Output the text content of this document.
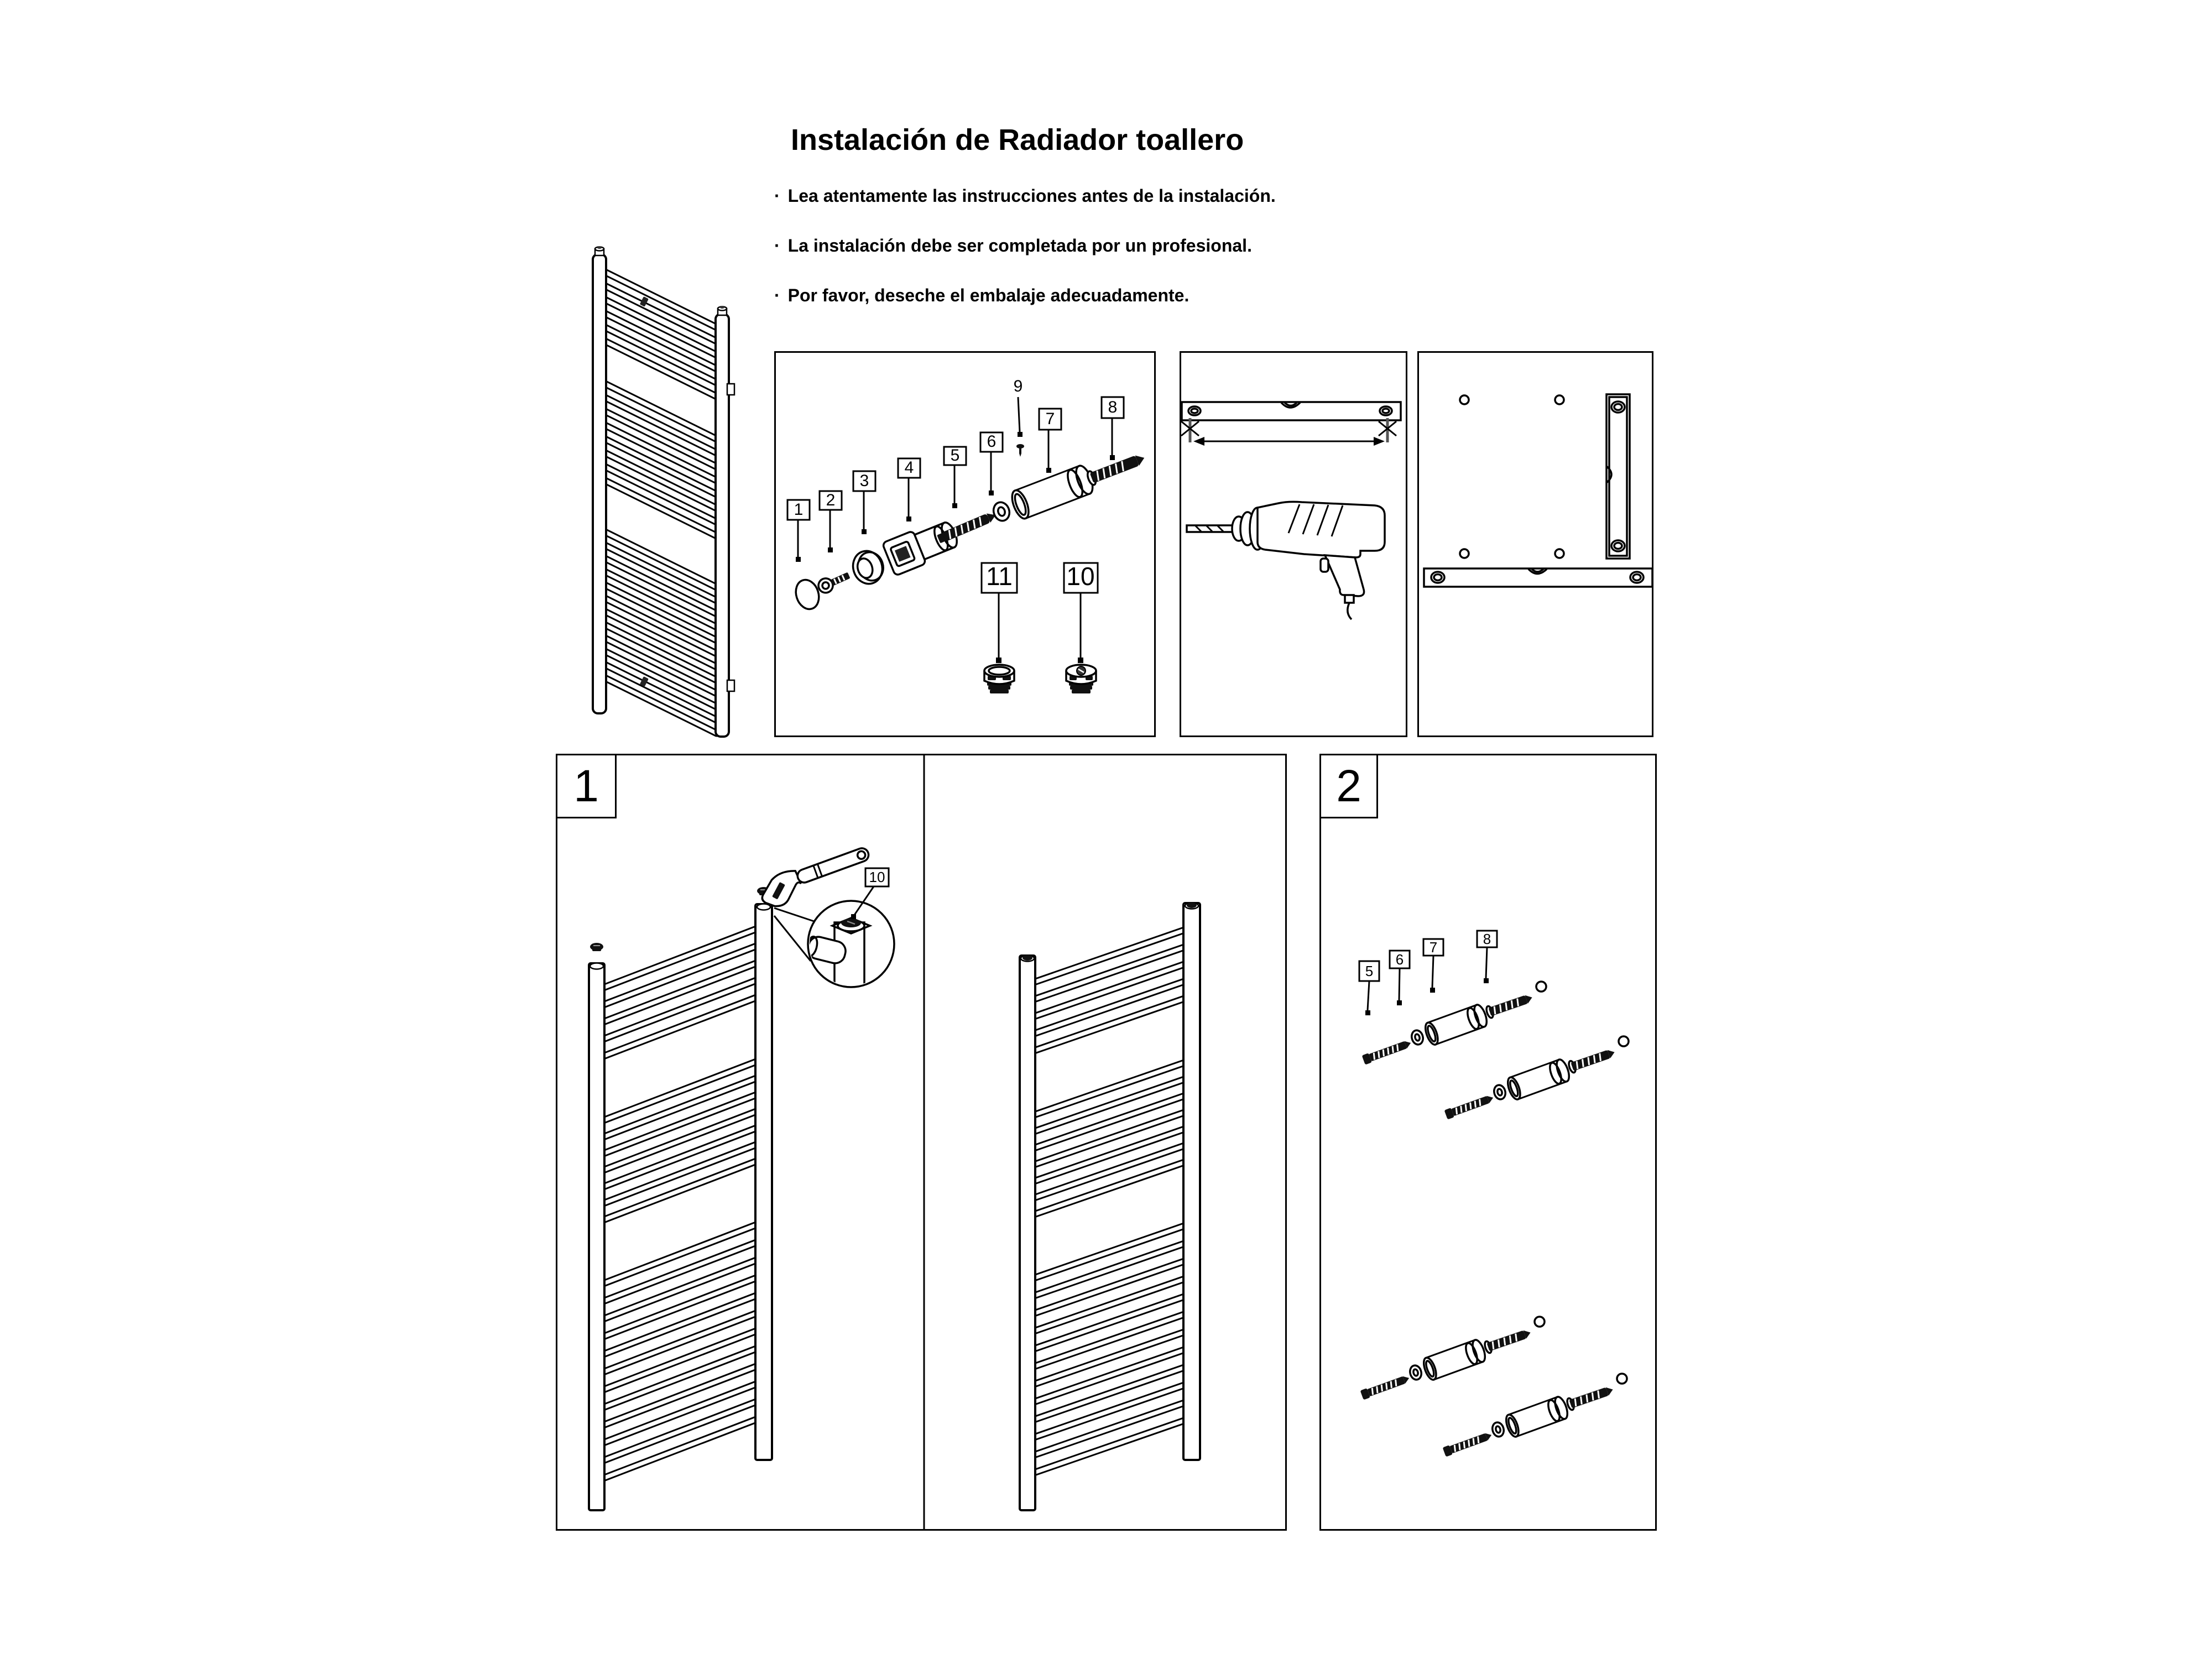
Instalación de Radiador toallero
· Lea atentamente las instrucciones antes de la instalación.
· La instalación debe ser completada por un profesional.
· Por favor, deseche el embalaje adecuadamente.
1
2
3
4
5
6
7
8
9
11 10
10
1
5
6
7	8
2
